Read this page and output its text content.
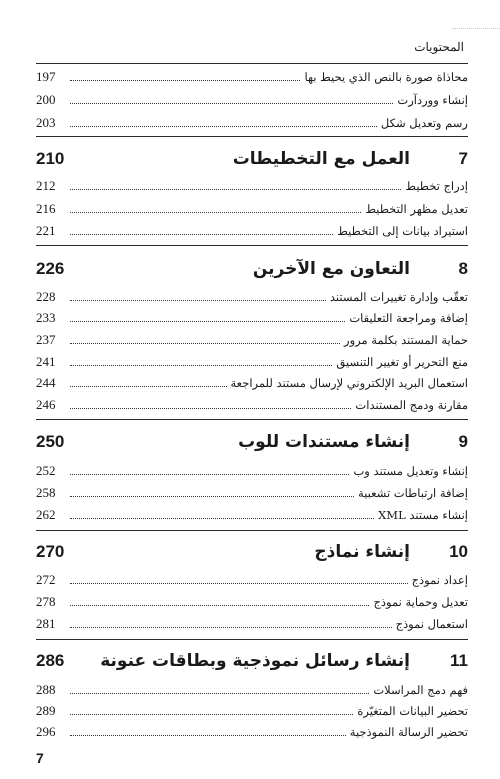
المحتويات
محاذاة صورة بالنص الذي يحيط بها
197
إنشاء ووردآرت
200
رسم وتعديل شكل
203
7
العمل مع التخطيطات
210
إدراج تخطيط
212
تعديل مظهر التخطيط
216
استيراد بيانات إلى التخطيط
221
8
التعاون مع الآخرين
226
تعقّب وإدارة تغييرات المستند
228
إضافة ومراجعة التعليقات
233
حماية المستند بكلمة مرور
237
منع التحرير أو تغيير التنسيق
241
استعمال البريد الإلكتروني لإرسال مستند للمراجعة
244
مقارنة ودمج المستندات
246
9
إنشاء مستندات للوب
250
إنشاء وتعديل مستند وب
252
إضافة ارتباطات تشعبية
258
إنشاء مستند XML
262
10
إنشاء نماذج
270
إعداد نموذج
272
تعديل وحماية نموذج
278
استعمال نموذج
281
11
إنشاء رسائل نموذجية وبطاقات عنونة
286
فهم دمج المراسلات
288
تحضير البيانات المتغيّرة
289
تحضير الرسالة النموذجية
296
7
